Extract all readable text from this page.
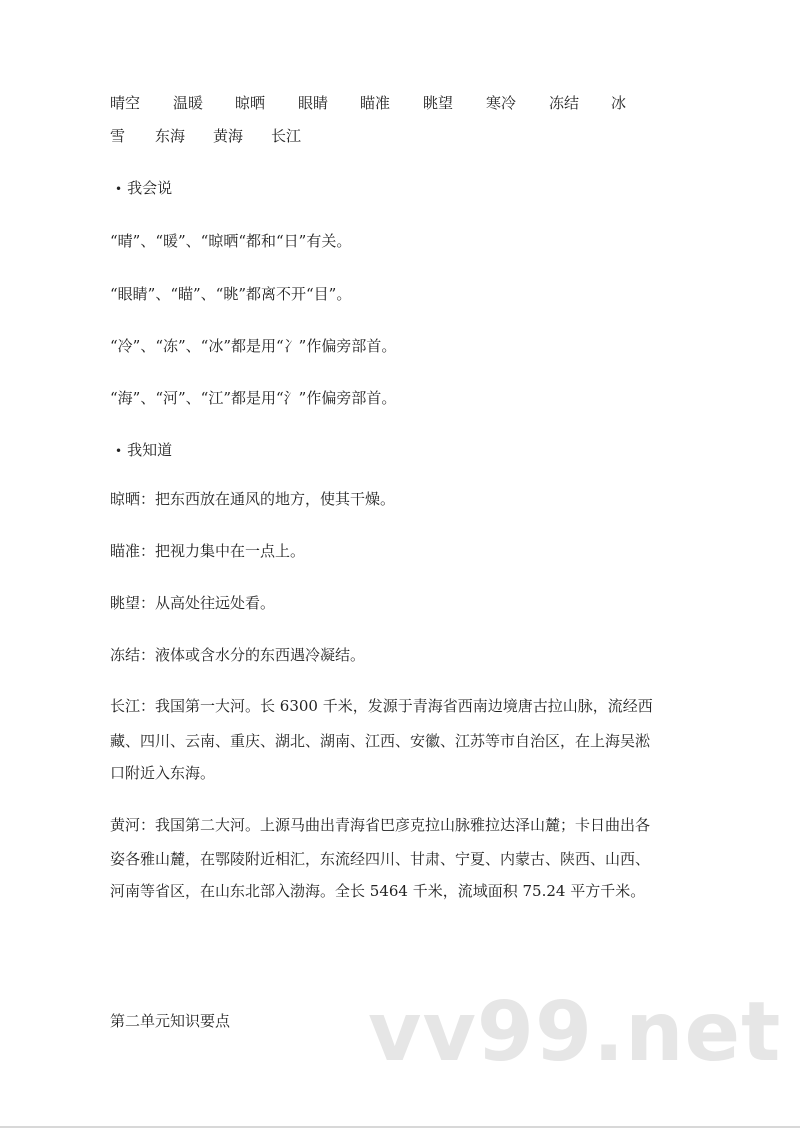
晴空 温暖 晾晒 眼睛 瞄准 眺望 寒冷 冻结 冰
雪 东海 黄海 长江
• 我会说
“晴”、“暖”、“晾晒“都和“日”有关。
“眼睛”、“瞄”、“眺”都离不开“目”。
“冷”、“冻”、“冰”都是用“冫”作偏旁部首。
“海”、“河”、“江”都是用“氵”作偏旁部首。
• 我知道
晾晒：把东西放在通风的地方，使其干燥。
瞄准：把视力集中在一点上。
眺望：从高处往远处看。
冻结：液体或含水分的东西遇冷凝结。
长江：我国第一大河。长 6300 千米，发源于青海省西南边境唐古拉山脉，流经西
藏、四川、云南、重庆、湖北、湖南、江西、安徽、江苏等市自治区，在上海吴淞
口附近入东海。
黄河：我国第二大河。上源马曲出青海省巴彦克拉山脉雅拉达泽山麓；卡日曲出各
姿各雅山麓，在鄂陵附近相汇，东流经四川、甘肃、宁夏、内蒙古、陕西、山西、
河南等省区，在山东北部入渤海。全长 5464 千米，流域面积 75.24 平方千米。
第二单元知识要点 vv99.net
